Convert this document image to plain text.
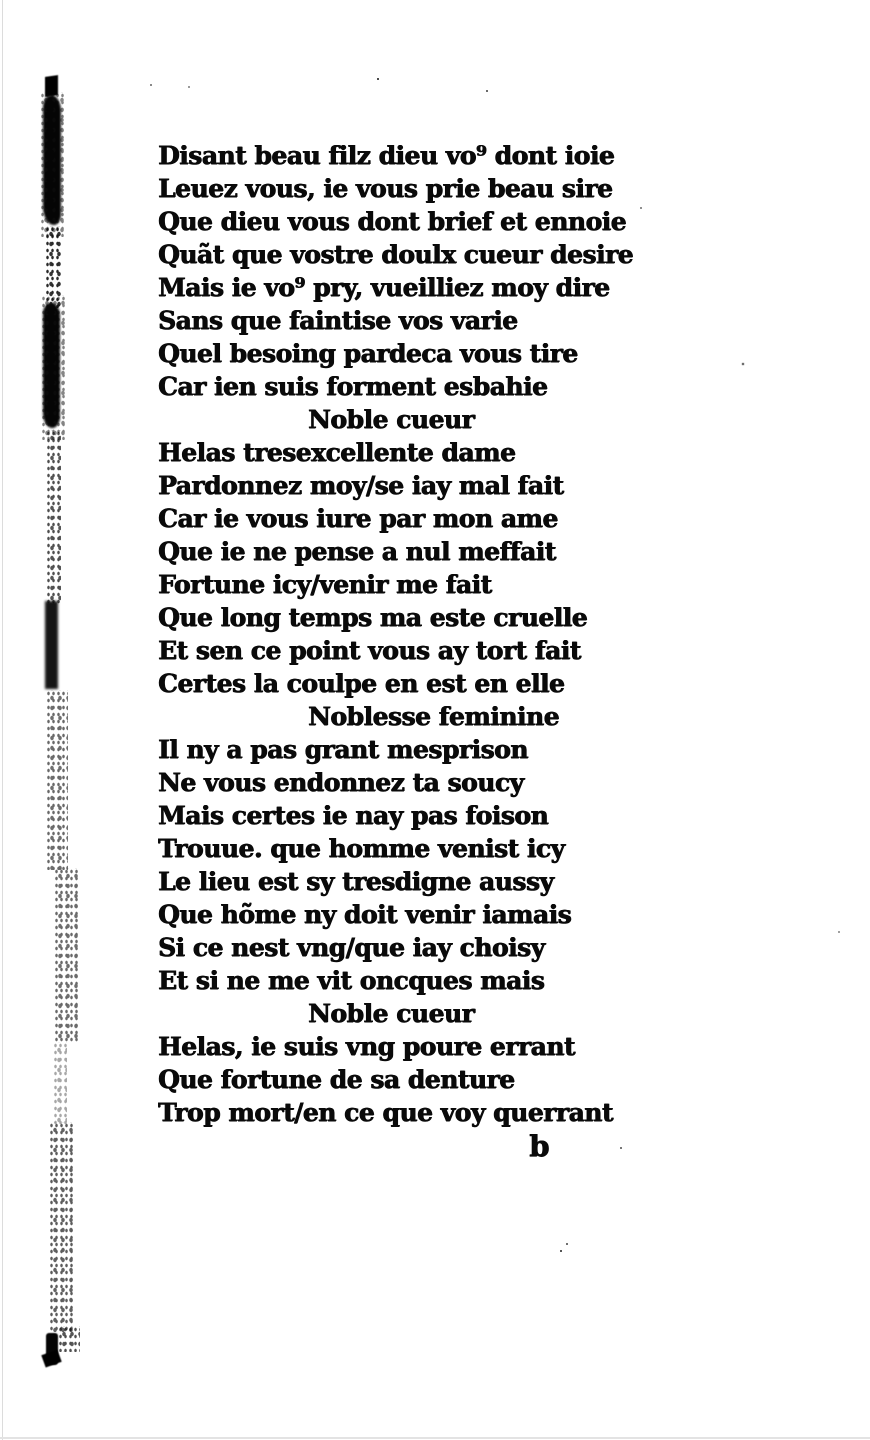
Disant beau filz dieu vo⁹ dont ioie
Leuez vous, ie vous prie beau sire
Que dieu vous dont brief et ennoie
Quãt que vostre doulx cueur desire
Mais ie vo⁹ pry, vueilliez moy dire
Sans que faintise vos varie
Quel besoing pardeca vous tire
Car ien suis forment esbahie
Noble cueur
Helas tresexcellente dame
Pardonnez moy/se iay mal fait
Car ie vous iure par mon ame
Que ie ne pense a nul meffait
Fortune icy/venir me fait
Que long temps ma este cruelle
Et sen ce point vous ay tort fait
Certes la coulpe en est en elle
Noblesse feminine
Il ny a pas grant mesprison
Ne vous endonnez ta soucy
Mais certes ie nay pas foison
Trouue. que homme venist icy
Le lieu est sy tresdigne aussy
Que hõme ny doit venir iamais
Si ce nest vng/que iay choisy
Et si ne me vit oncques mais
Noble cueur
Helas, ie suis vng poure errant
Que fortune de sa denture
Trop mort/en ce que voy querrant
b
